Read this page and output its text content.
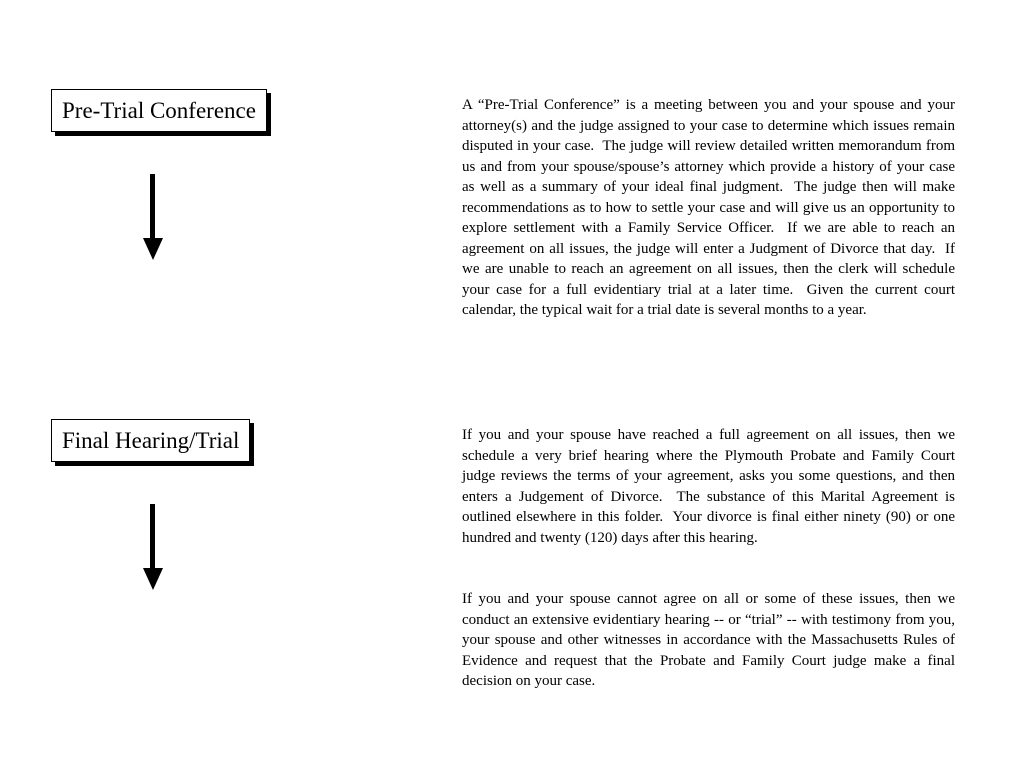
Pre-Trial Conference	A “Pre-Trial Conference” is a meeting between you and your spouse and your attorney(s) and the judge assigned to your case to determine which issues remain disputed in your case.  The judge will review detailed written memorandum from us and from your spouse/spouse’s attorney which provide a history of your case as well as a summary of your ideal final judgment.  The judge then will make recommendations as to how to settle your case and will give us an opportunity to explore settlement with a Family Service Officer.  If we are able to reach an agreement on all issues, the judge will enter a Judgment of Divorce that day.  If we are unable to reach an agreement on all issues, then the clerk will schedule your case for a full evidentiary trial at a later time.  Given the current court calendar, the typical wait for a trial date is several months to a year.

Final Hearing/Trial	If you and your spouse have reached a full agreement on all issues, then we schedule a very brief hearing where the Plymouth Probate and Family Court judge reviews the terms of your agreement, asks you some questions, and then enters a Judgement of Divorce.  The substance of this Marital Agreement is outlined elsewhere in this folder.  Your divorce is final either ninety (90) or one hundred and twenty (120) days after this hearing.

If you and your spouse cannot agree on all or some of these issues, then we conduct an extensive evidentiary hearing -- or “trial” -- with testimony from you, your spouse and other witnesses in accordance with the Massachusetts Rules of Evidence and request that the Probate and Family Court judge make a final decision on your case.
